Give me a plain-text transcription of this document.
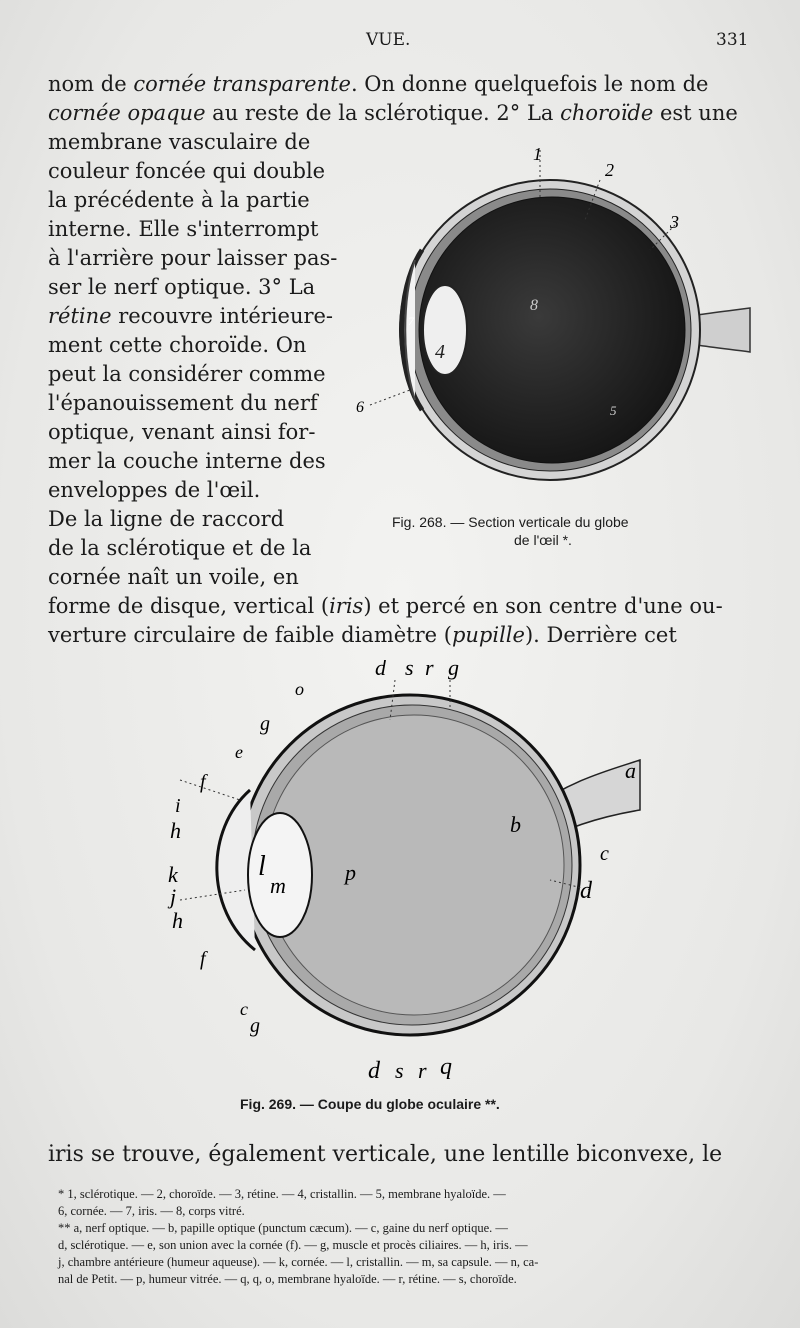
VUE.	331
nom de cornée transparente. On donne quelquefois le nom de
cornée opaque au reste de la sclérotique. 2° La choroïde est une
membrane vasculaire de
couleur foncée qui double
la précédente à la partie
interne. Elle s'interrompt
à l'arrière pour laisser pas-
ser le nerf optique. 3° La
rétine recouvre intérieure-
ment cette choroïde. On
peut la considérer comme
l'épanouissement du nerf
optique, venant ainsi for-
mer la couche interne des
enveloppes de l'œil.
De la ligne de raccord
de la sclérotique et de la
cornée naît un voile, en
forme de disque, vertical (iris) et percé en son centre d'une ou-
verture circulaire de faible diamètre (pupille). Derrière cet
1
2
3
4
5
6
7
8
Fig. 268. — Section verticale du globe
de l'œil *.
d s r g
o
g
e
f
i
h
k
j
h
f
c
g
l
m
p
a
b
c
d
d s r q
Fig. 269. — Coupe du globe oculaire **.
iris se trouve, également verticale, une lentille biconvexe, le
* 1, sclérotique. — 2, choroïde. — 3, rétine. — 4, cristallin. — 5, membrane hyaloïde. —
6, cornée. — 7, iris. — 8, corps vitré.
** a, nerf optique. — b, papille optique (punctum cæcum). — c, gaine du nerf optique. —
d, sclérotique. — e, son union avec la cornée (f). — g, muscle et procès ciliaires. — h, iris. —
j, chambre antérieure (humeur aqueuse). — k, cornée. — l, cristallin. — m, sa capsule. — n, ca-
nal de Petit. — p, humeur vitrée. — q, q, o, membrane hyaloïde. — r, rétine. — s, choroïde.
